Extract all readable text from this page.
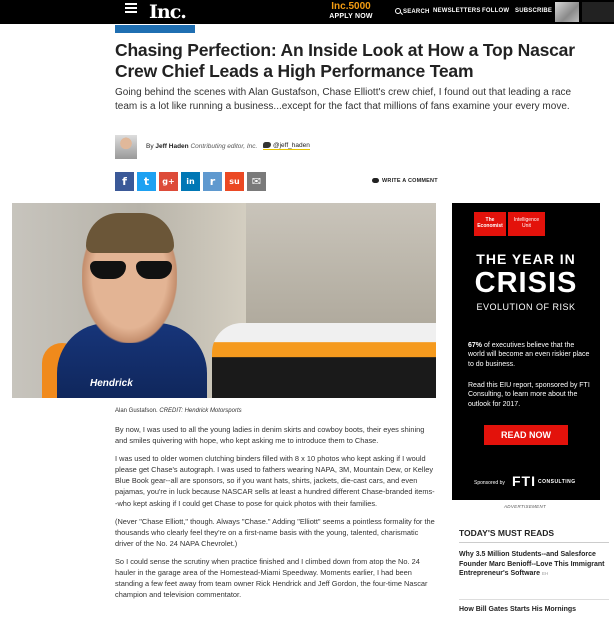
Inc.	Inc.5000
APPLY NOW
SEARCH NEWSLETTERS FOLLOW SUBSCRIBE
Chasing Perfection: An Inside Look at How a Top Nascar Crew Chief Leads a High Performance Team

Going behind the scenes with Alan Gustafson, Chase Elliott's crew chief, I found out that leading a race team is a lot like running a business...except for the fact that millions of fans examine your every move.

By Jeff Haden Contributing editor, Inc.	@jeff_haden
f	t	g+	in	r	su	✉	WRITE A COMMENT
Hendrick
Alan Gustafson. CREDIT: Hendrick Motorsports

By now, I was used to all the young ladies in denim skirts and cowboy boots, their eyes shining and smiles quivering with hope, who kept asking me to introduce them to Chase.

I was used to older women clutching binders filled with 8 x 10 photos who kept asking if I would please get Chase's autograph. I was used to fathers wearing NAPA, 3M, Mountain Dew, or Kelley Blue Book gear--all are sponsors, so if you want hats, shirts, jackets, die-cast cars, and even pajamas, you're in luck because NASCAR sells at least a hundred different Chase-branded items--who kept asking if I could get Chase to pose for quick photos with their families.

(Never "Chase Elliott," though. Always "Chase." Adding "Elliott" seems a pointless formality for the thousands who clearly feel they're on a first-name basis with the young, talented, charismatic driver of the No. 24 NAPA Chevrolet.)

So I could sense the scrutiny when practice finished and I climbed down from atop the No. 24 hauler in the garage area of the Homestead-Miami Speedway. Moments earlier, I had been standing a few feet away from team owner Rick Hendrick and Jeff Gordon, the four-time Nascar champion and television commentator.

The
Economist
Intelligence
Unit
THE YEAR IN
CRISIS
EVOLUTION OF RISK
67% of executives believe that the world will become an even riskier place to do business.
Read this EIU report, sponsored by FTI Consulting, to learn more about the outlook for 2017.
READ NOW
Sponsored by FTI $^{CONSULTING}$
ADVERTISEMENT
TODAY'S MUST READS
Why 3.5 Million Students--and Salesforce Founder Marc Benioff--Love This Immigrant Entrepreneur's Software EH
How Bill Gates Starts His Mornings
